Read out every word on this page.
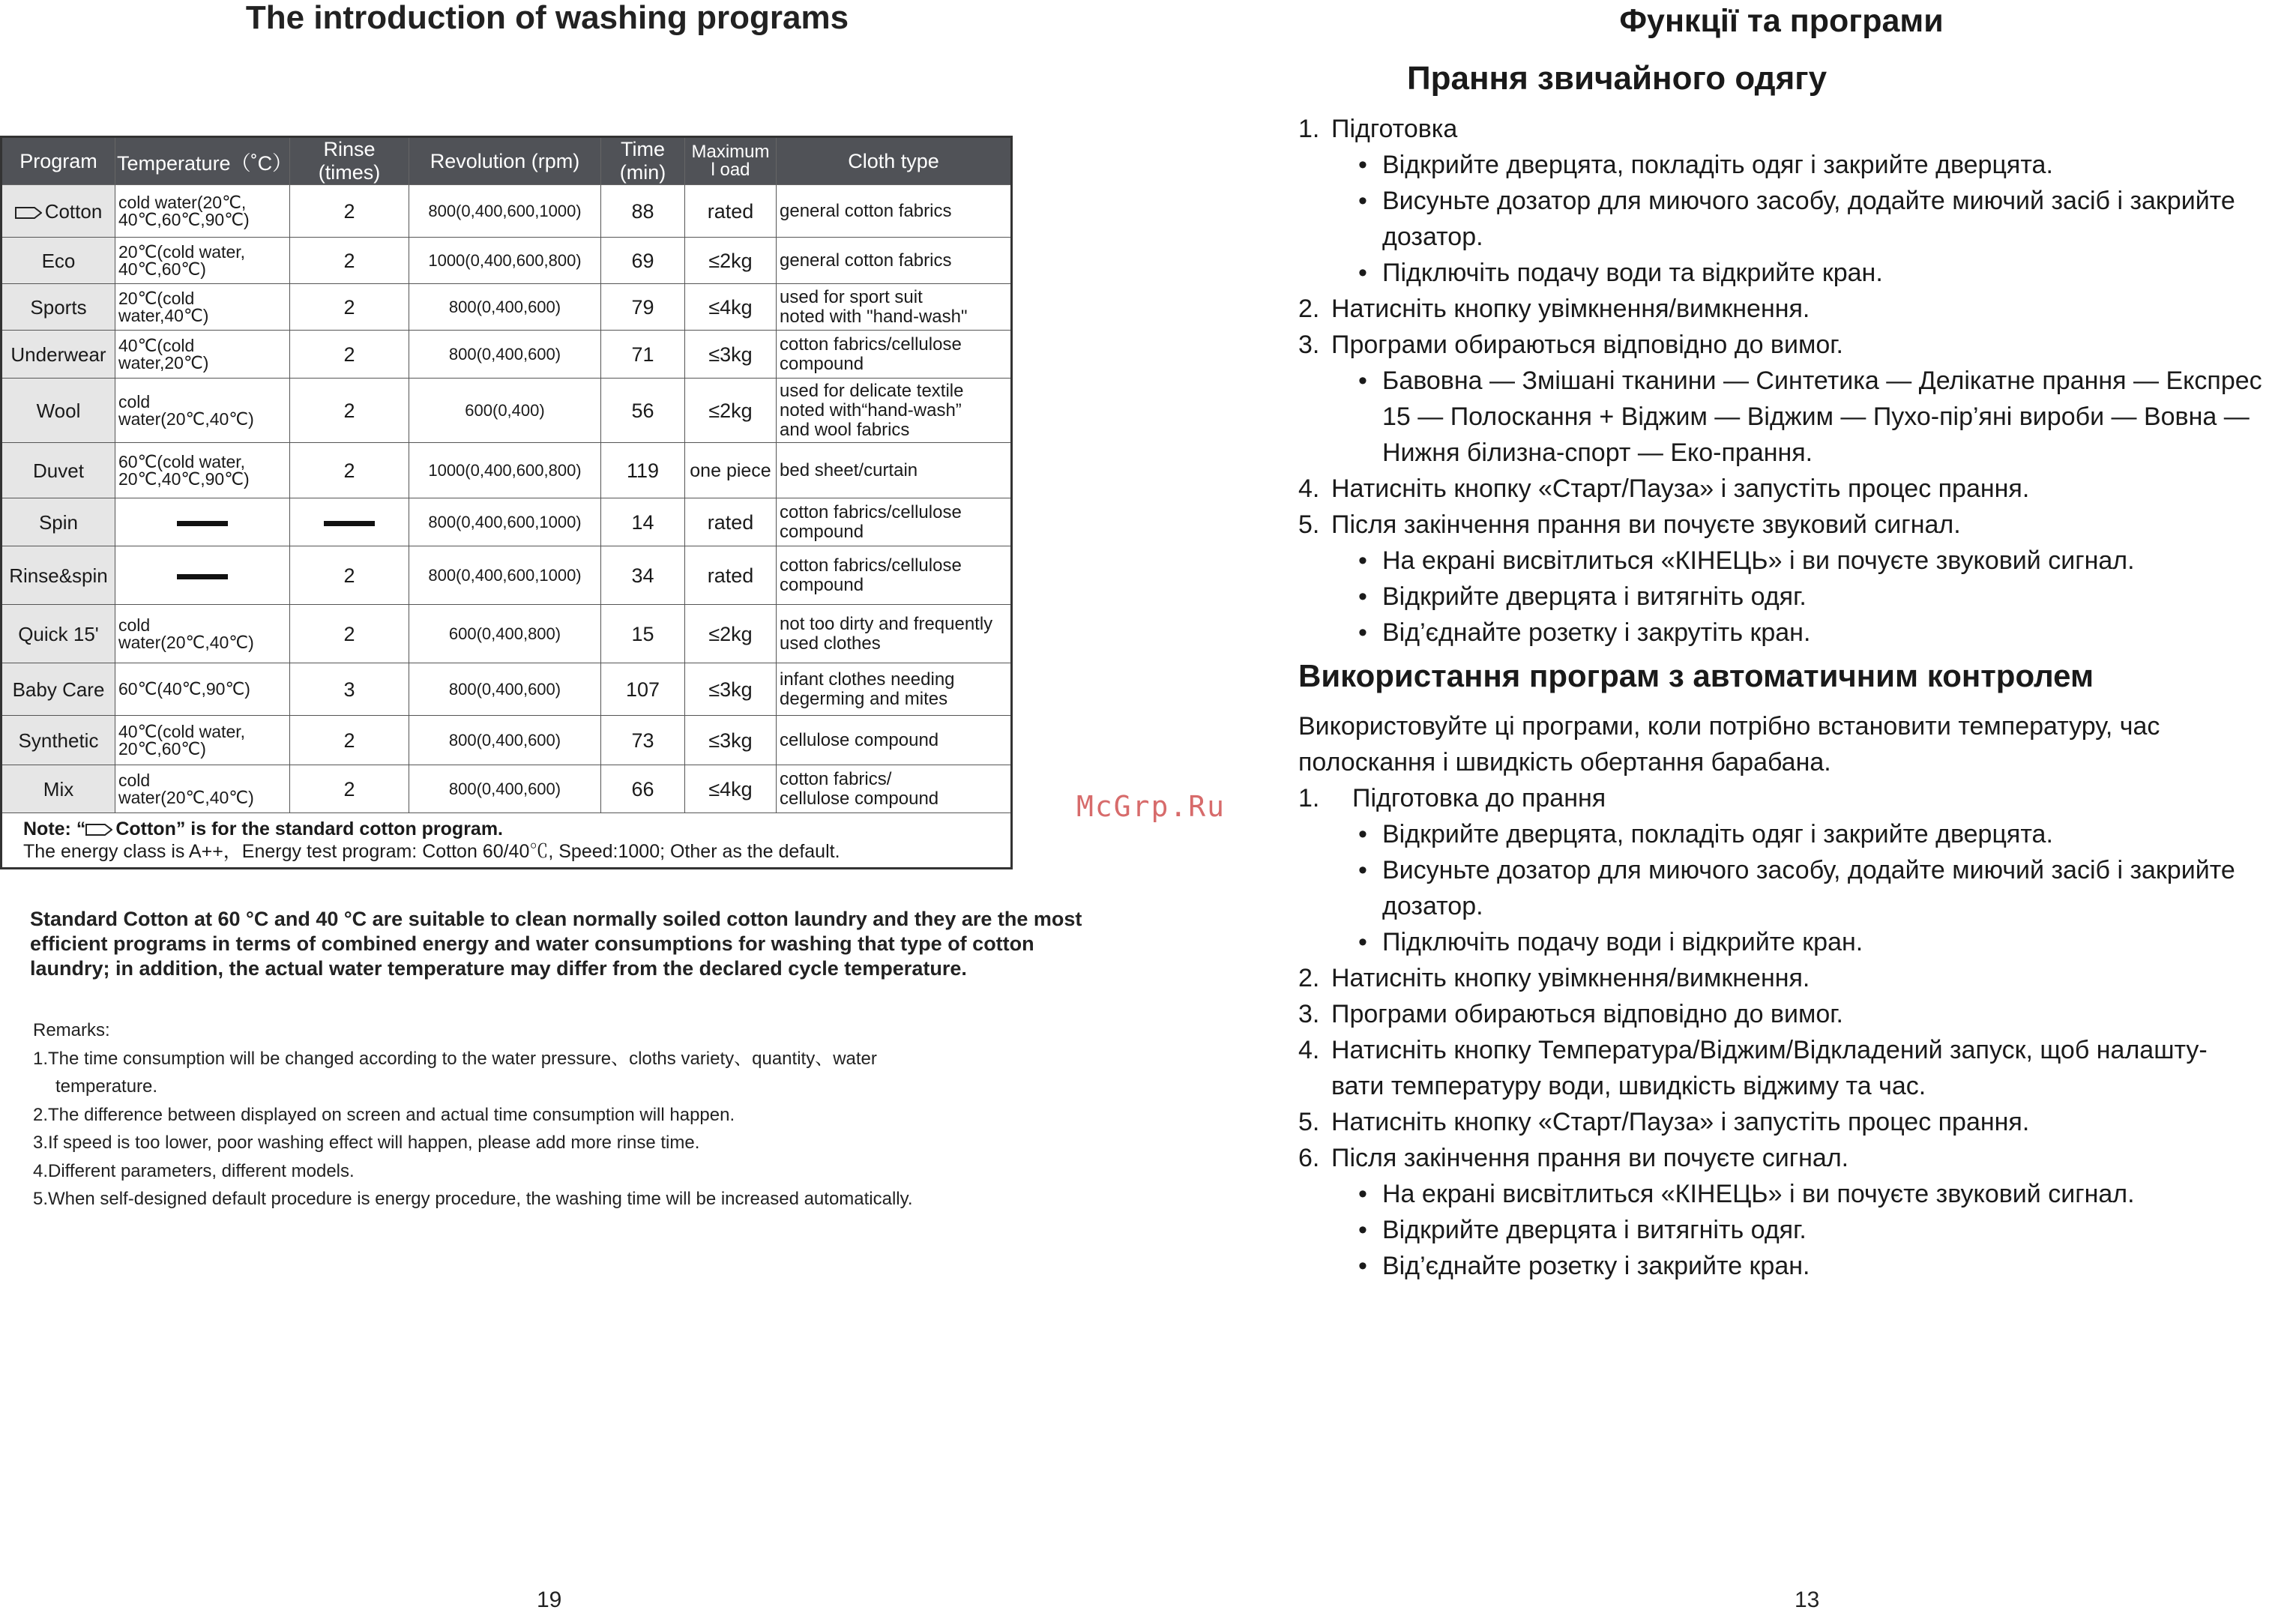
The introduction of washing programs
Program	Temperature（˚C）	Rinse (times)	Revolution (rpm)	Time (min)	Maximum
l oad	Cloth type
Cotton	cold water(20℃,
40℃,60℃,90℃)	2	800(0,400,600,1000)	88	rated	general cotton fabrics
Eco	20℃(cold water,
40℃,60℃)	2	1000(0,400,600,800)	69	≤2kg	general cotton fabrics
Sports	20℃(cold water,40℃)	2	800(0,400,600)	79	≤4kg	used for sport suit
noted with "hand-wash"
Underwear	40℃(cold water,20℃)	2	800(0,400,600)	71	≤3kg	cotton fabrics/cellulose
compound
Wool	cold water(20℃,40℃)	2	600(0,400)	56	≤2kg	used for delicate textile
noted with“hand-wash”
and wool fabrics
Duvet	60℃(cold water,
20℃,40℃,90℃)	2	1000(0,400,600,800)	119	one piece	bed sheet/curtain
Spin			800(0,400,600,1000)	14	rated	cotton fabrics/cellulose
compound
Rinse&spin		2	800(0,400,600,1000)	34	rated	cotton fabrics/cellulose
compound
Quick 15'	cold water(20℃,40℃)	2	600(0,400,800)	15	≤2kg	not too dirty and frequently
used clothes
Baby Care	60℃(40℃,90℃)	3	800(0,400,600)	107	≤3kg	infant clothes needing
degerming and mites
Synthetic	40℃(cold water,
20℃,60℃)	2	800(0,400,600)	73	≤3kg	cellulose compound
Mix	cold water(20℃,40℃)	2	800(0,400,600)	66	≤4kg	cotton fabrics/
cellulose compound
Note: “ Cotton” is for the standard cotton program.
The energy class is A++，Energy test program: Cotton 60/40℃, Speed:1000; Other as the default.						
Standard Cotton at 60 °C and 40 °C are suitable to clean normally soiled cotton laundry and they are the most efficient programs in terms of combined energy and water consumptions for washing that type of cotton laundry; in addition, the actual water temperature may differ from the declared cycle temperature.
Remarks:
1.The time consumption will be changed according to the water pressure、cloths variety、quantity、water
temperature.
2.The difference between displayed on screen and actual time consumption will happen.
3.If speed is too lower, poor washing effect will happen, please add more rinse time.
4.Different parameters, different models.
5.When self-designed default procedure is energy procedure, the washing time will be increased automatically.
19
McGrp.Ru
Функції та програми
Прання звичайного одягу
1. Підготовка
• Відкрийте дверцята, покладіть одяг і закрийте дверцята.
• Висуньте дозатор для миючого засобу, додайте миючий засіб і закрийте
дозатор.
• Підключіть подачу води та відкрийте кран.
2. Натисніть кнопку увімкнення/вимкнення.
3. Програми обираються відповідно до вимог.
• Бавовна — Змішані тканини — Синтетика — Делікатне прання — Експрес
15 — Полоскання + Віджим — Віджим — Пухо-пір’яні вироби — Вовна —
Нижня білизна-спорт — Еко-прання.
4. Натисніть кнопку «Старт/Пауза» і запустіть процес прання.
5. Після закінчення прання ви почуєте звуковий сигнал.
• На екрані висвітлиться «КІНЕЦЬ» і ви почуєте звуковий сигнал.
• Відкрийте дверцята і витягніть одяг.
• Від’єднайте розетку і закрутіть кран.
Використання програм з автоматичним контролем
Використовуйте ці програми, коли потрібно встановити температуру, час
полоскання і швидкість обертання барабана.
1. Підготовка до прання
• Відкрийте дверцята, покладіть одяг і закрийте дверцята.
• Висуньте дозатор для миючого засобу, додайте миючий засіб і закрийте
дозатор.
• Підключіть подачу води і відкрийте кран.
2. Натисніть кнопку увімкнення/вимкнення.
3. Програми обираються відповідно до вимог.
4. Натисніть кнопку Температура/Віджим/Відкладений запуск, щоб налашту-
вати температуру води, швидкість віджиму та час.
5. Натисніть кнопку «Старт/Пауза» і запустіть процес прання.
6. Після закінчення прання ви почуєте сигнал.
• На екрані висвітлиться «КІНЕЦЬ» і ви почуєте звуковий сигнал.
• Відкрийте дверцята і витягніть одяг.
• Від’єднайте розетку і закрийте кран.
13
